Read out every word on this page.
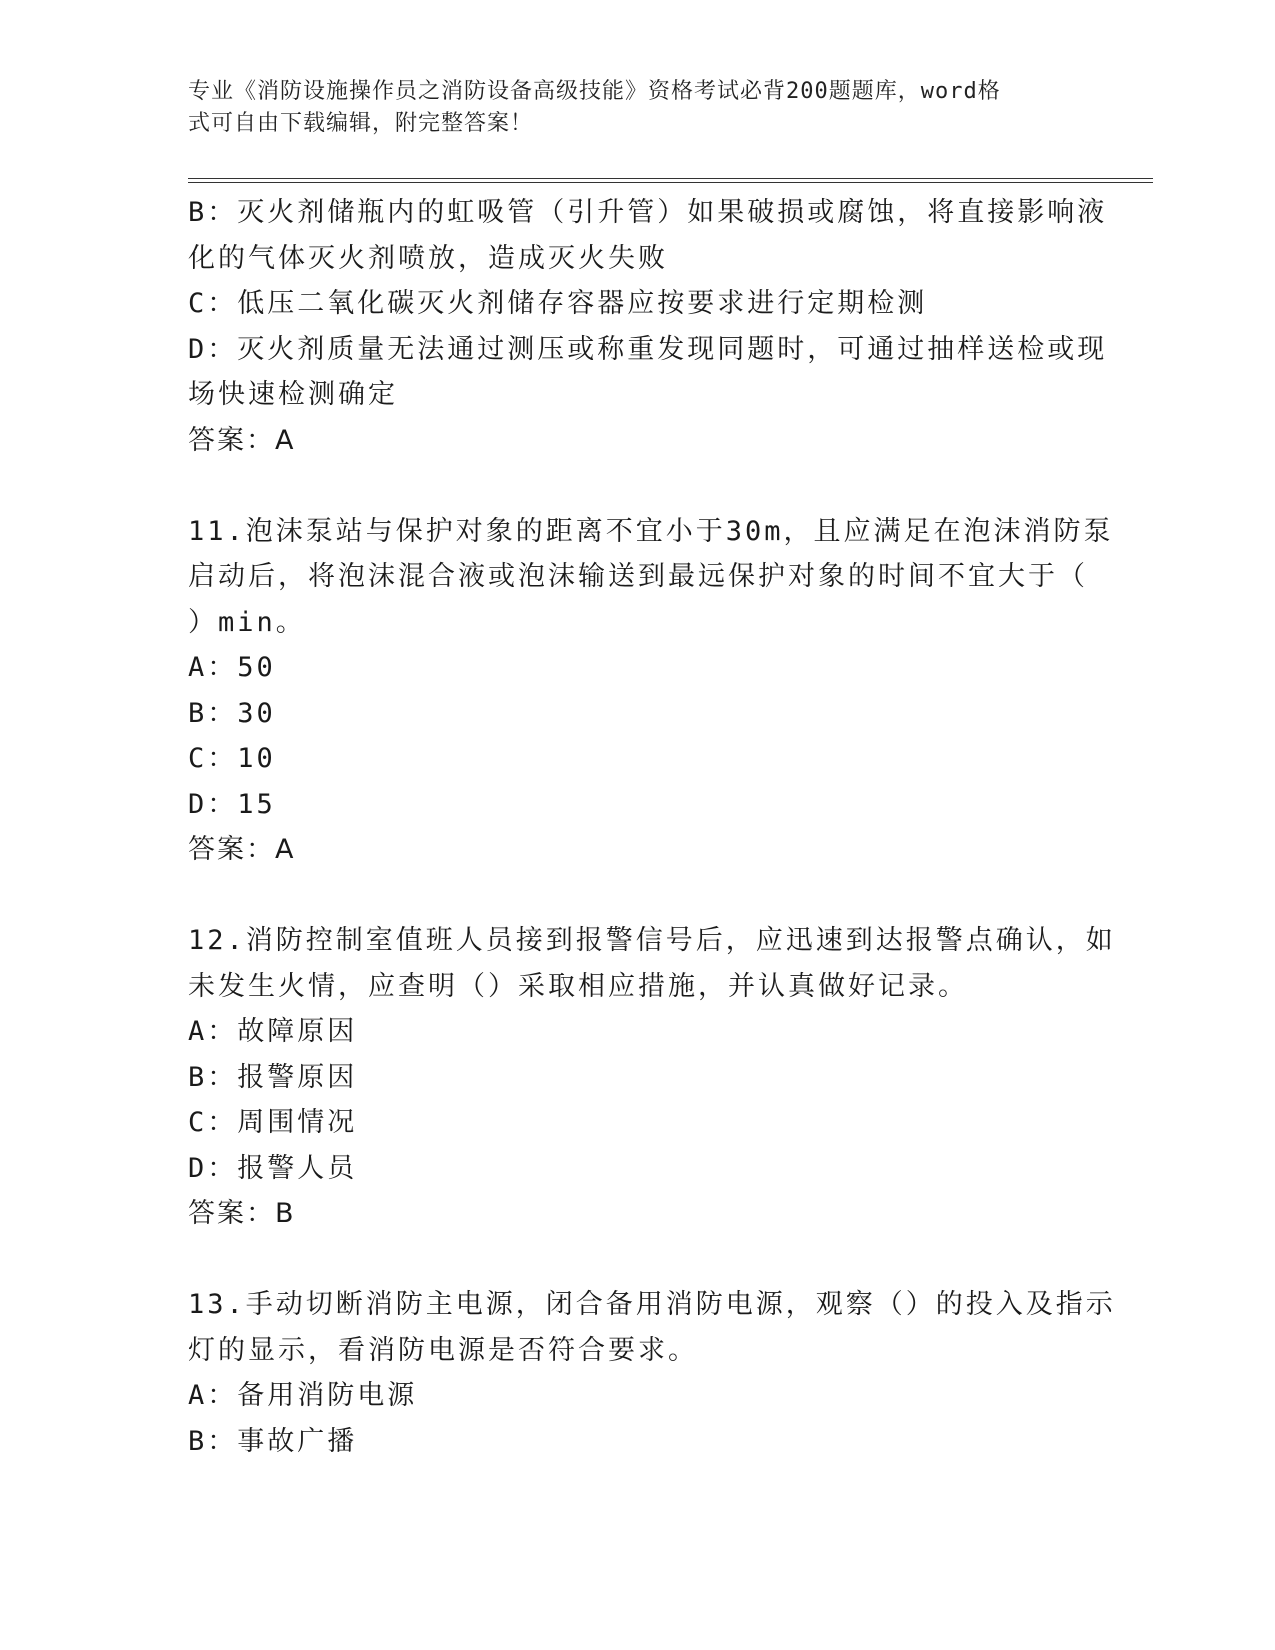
专业《消防设施操作员之消防设备高级技能》资格考试必背200题题库，word格
式可自由下载编辑，附完整答案！
B：灭火剂储瓶内的虹吸管（引升管）如果破损或腐蚀，将直接影响液
化的气体灭火剂喷放，造成灭火失败
C：低压二氧化碳灭火剂储存容器应按要求进行定期检测
D：灭火剂质量无法通过测压或称重发现同题时，可通过抽样送检或现
场快速检测确定
答案：A
11.泡沫泵站与保护对象的距离不宜小于30m，且应满足在泡沫消防泵
启动后，将泡沫混合液或泡沫输送到最远保护对象的时间不宜大于（
）min。
A：50
B：30
C：10
D：15
答案：A
12.消防控制室值班人员接到报警信号后，应迅速到达报警点确认，如
未发生火情，应查明（）采取相应措施，并认真做好记录。
A：故障原因
B：报警原因
C：周围情况
D：报警人员
答案：B
13.手动切断消防主电源，闭合备用消防电源，观察（）的投入及指示
灯的显示，看消防电源是否符合要求。
A：备用消防电源
B：事故广播
